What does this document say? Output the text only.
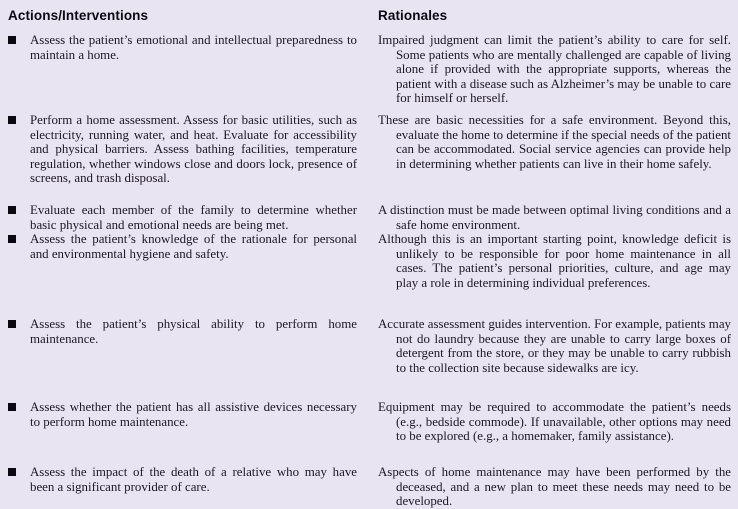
Actions/Interventions	Rationales
Assess the patient’s emotional and intellectual preparedness to maintain a home.
Impaired judgment can limit the patient’s ability to care for self. Some patients who are mentally challenged are capable of living alone if provided with the appropriate supports, whereas the patient with a disease such as Alzheimer’s may be unable to care for himself or herself.
Perform a home assessment. Assess for basic utilities, such as electricity, running water, and heat. Evaluate for accessibility and physical barriers. Assess bathing facilities, temperature regulation, whether windows close and doors lock, presence of screens, and trash disposal.
These are basic necessities for a safe environment. Beyond this, evaluate the home to determine if the special needs of the patient can be accommodated. Social service agencies can provide help in determining whether patients can live in their home safely.
Evaluate each member of the family to determine whether basic physical and emotional needs are being met.
A distinction must be made between optimal living conditions and a safe home environment.
Assess the patient’s knowledge of the rationale for personal and environmental hygiene and safety.
Although this is an important starting point, knowledge deficit is unlikely to be responsible for poor home maintenance in all cases. The patient’s personal priorities, culture, and age may play a role in determining individual preferences.
Assess the patient’s physical ability to perform home maintenance.
Accurate assessment guides intervention. For example, patients may not do laundry because they are unable to carry large boxes of detergent from the store, or they may be unable to carry rubbish to the collection site because sidewalks are icy.
Assess whether the patient has all assistive devices necessary to perform home maintenance.
Equipment may be required to accommodate the patient’s needs (e.g., bedside commode). If unavailable, other options may need to be explored (e.g., a homemaker, family assistance).
Assess the impact of the death of a relative who may have been a significant provider of care.
Aspects of home maintenance may have been performed by the deceased, and a new plan to meet these needs may need to be developed.
